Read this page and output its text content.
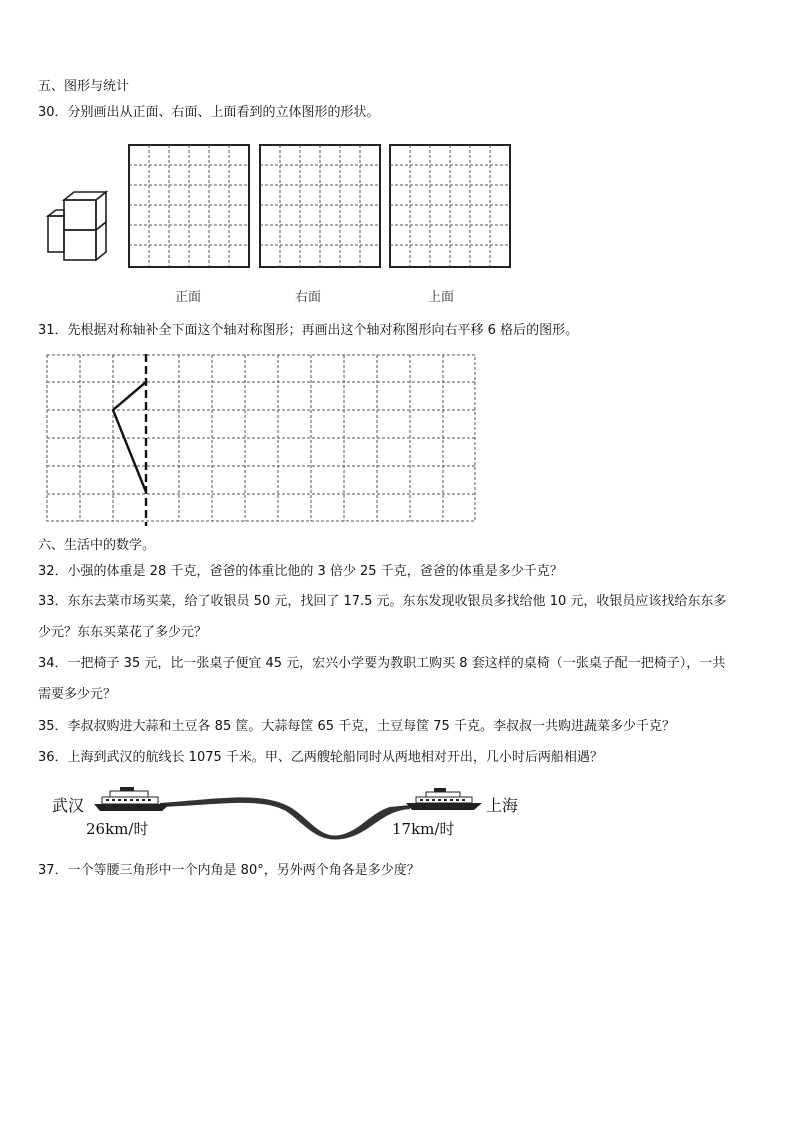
五、图形与统计
30．分别画出从正面、右面、上面看到的立体图形的形状。
正面	右面	上面
31．先根据对称轴补全下面这个轴对称图形；再画出这个轴对称图形向右平移 6 格后的图形。
六、生活中的数学。
32．小强的体重是 28 千克，爸爸的体重比他的 3 倍少 25 千克，爸爸的体重是多少千克？
33．东东去菜市场买菜，给了收银员 50 元，找回了 17.5 元。东东发现收银员多找给他 10 元，收银员应该找给东东多
少元？东东买菜花了多少元？
34．一把椅子 35 元，比一张桌子便宜 45 元，宏兴小学要为教职工购买 8 套这样的桌椅（一张桌子配一把椅子），一共
需要多少元？
35．李叔叔购进大蒜和土豆各 85 筐。大蒜每筐 65 千克，土豆每筐 75 千克。李叔叔一共购进蔬菜多少千克？
36．上海到武汉的航线长 1075 千米。甲、乙两艘轮船同时从两地相对开出，几小时后两船相遇？
武汉
26km/时
上海
17km/时
37．一个等腰三角形中一个内角是 80°，另外两个角各是多少度？
